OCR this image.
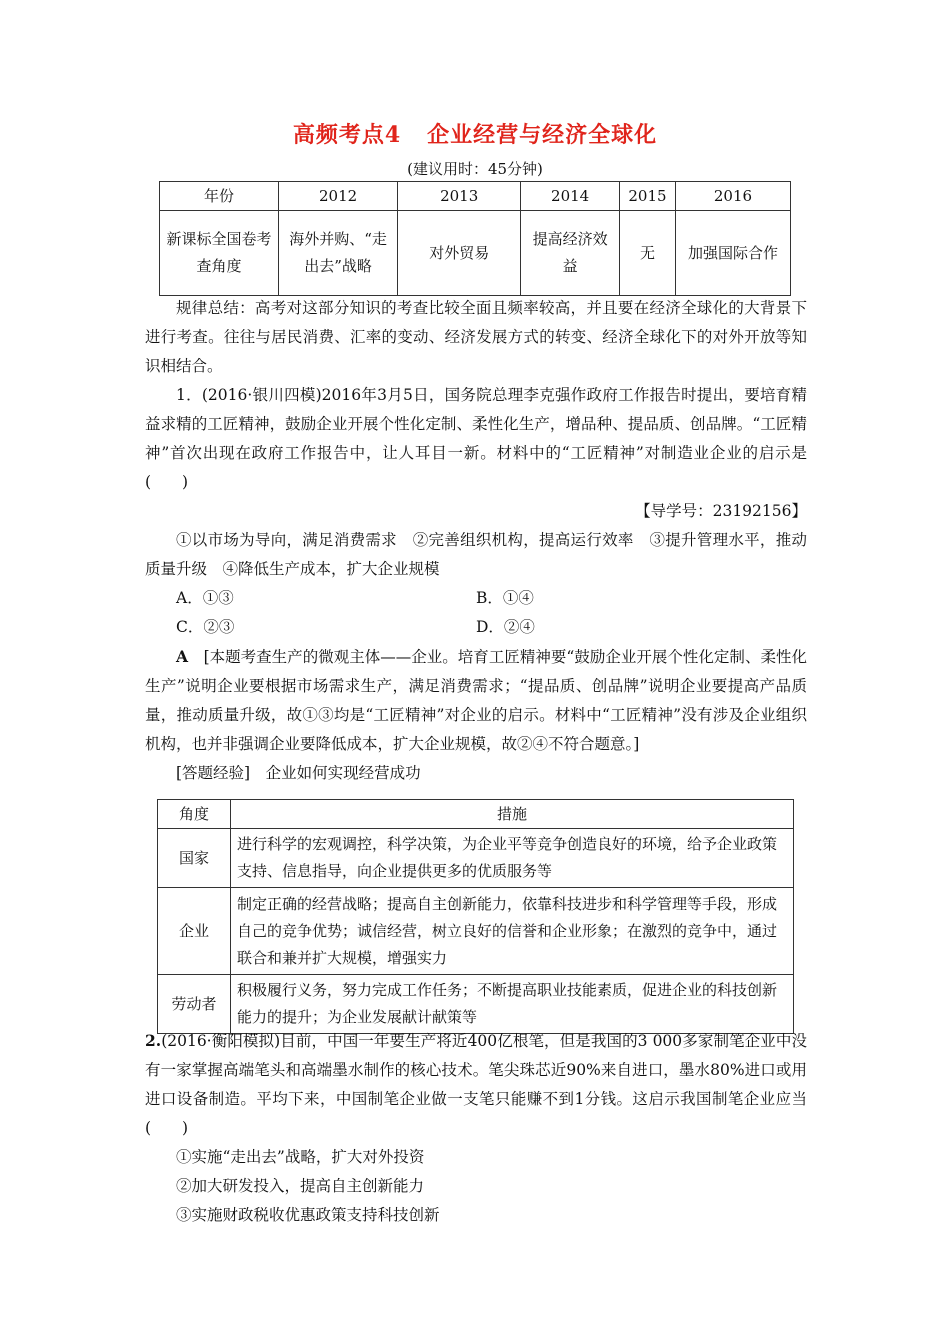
高频考点4 企业经营与经济全球化
(建议用时：45分钟)
年份	2012	2013	2014	2015	2016
新课标全国卷考查角度	海外并购、“走出去”战略	对外贸易	提高经济效益	无	加强国际合作

规律总结：高考对这部分知识的考查比较全面且频率较高，并且要在经济全球化的大背景下进行考查。往往与居民消费、汇率的变动、经济发展方式的转变、经济全球化下的对外开放等知识相结合。

1．(2016·银川四模)2016年3月5日，国务院总理李克强作政府工作报告时提出，要培育精益求精的工匠精神，鼓励企业开展个性化定制、柔性化生产，增品种、提品质、创品牌。“工匠精神”首次出现在政府工作报告中，让人耳目一新。材料中的“工匠精神”对制造业企业的启示是(　　)

【导学号：23192156】

①以市场为导向，满足消费需求　②完善组织机构，提高运行效率　③提升管理水平，推动质量升级　④降低生产成本，扩大企业规模

A．①③	B．①④
C．②③	D．②④

A　 [本题考查生产的微观主体——企业。培育工匠精神要“鼓励企业开展个性化定制、柔性化生产”说明企业要根据市场需求生产，满足消费需求；“提品质、创品牌”说明企业要提高产品质量，推动质量升级，故①③均是“工匠精神”对企业的启示。材料中“工匠精神”没有涉及企业组织机构，也并非强调企业要降低成本，扩大企业规模，故②④不符合题意。]

[答题经验]　企业如何实现经营成功

角度	措施
国家	进行科学的宏观调控，科学决策，为企业平等竞争创造良好的环境，给予企业政策支持、信息指导，向企业提供更多的优质服务等
企业	制定正确的经营战略；提高自主创新能力，依靠科技进步和科学管理等手段，形成自己的竞争优势；诚信经营，树立良好的信誉和企业形象；在激烈的竞争中，通过联合和兼并扩大规模，增强实力
劳动者	积极履行义务，努力完成工作任务；不断提高职业技能素质，促进企业的科技创新能力的提升；为企业发展献计献策等

2.(2016·衡阳模拟)目前，中国一年要生产将近400亿根笔，但是我国的3 000多家制笔企业中没有一家掌握高端笔头和高端墨水制作的核心技术。笔尖珠芯近90%来自进口，墨水80%进口或用进口设备制造。平均下来，中国制笔企业做一支笔只能赚不到1分钱。这启示我国制笔企业应当(　　)

①实施“走出去”战略，扩大对外投资

②加大研发投入，提高自主创新能力

③实施财政税收优惠政策支持科技创新
